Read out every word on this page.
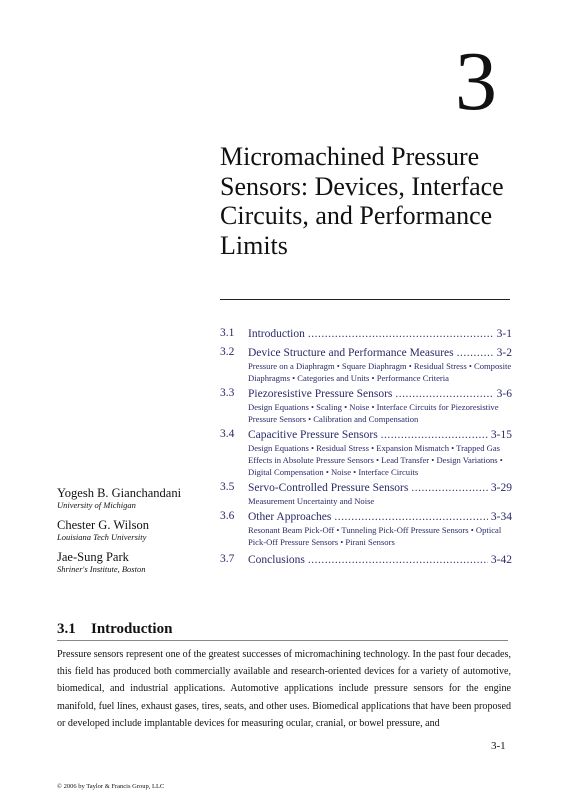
3
Micromachined Pressure Sensors: Devices, Interface Circuits, and Performance Limits
3.1 Introduction .....	3-1
3.2 Device Structure and Performance Measures .....	3-2
Pressure on a Diaphragm • Square Diaphragm • Residual Stress • Composite Diaphragms • Categories and Units • Performance Criteria
3.3 Piezoresistive Pressure Sensors .....	3-6
Design Equations • Scaling • Noise • Interface Circuits for Piezoresistive Pressure Sensors • Calibration and Compensation
3.4 Capacitive Pressure Sensors .....	3-15
Design Equations • Residual Stress • Expansion Mismatch • Trapped Gas Effects in Absolute Pressure Sensors • Lead Transfer • Design Variations • Digital Compensation • Noise • Interface Circuits
3.5 Servo-Controlled Pressure Sensors .....	3-29
Measurement Uncertainty and Noise
3.6 Other Approaches .....	3-34
Resonant Beam Pick-Off • Tunneling Pick-Off Pressure Sensors • Optical Pick-Off Pressure Sensors • Pirani Sensors
3.7 Conclusions .....	3-42
Yogesh B. Gianchandani
University of Michigan
Chester G. Wilson
Louisiana Tech University
Jae-Sung Park
Shriner's Institute, Boston
3.1 Introduction
Pressure sensors represent one of the greatest successes of micromachining technology. In the past four decades, this field has produced both commercially available and research-oriented devices for a variety of automotive, biomedical, and industrial applications. Automotive applications include pressure sensors for the engine manifold, fuel lines, exhaust gases, tires, seats, and other uses. Biomedical applications that have been proposed or developed include implantable devices for measuring ocular, cranial, or bowel pressure, and
3-1
© 2006 by Taylor & Francis Group, LLC
